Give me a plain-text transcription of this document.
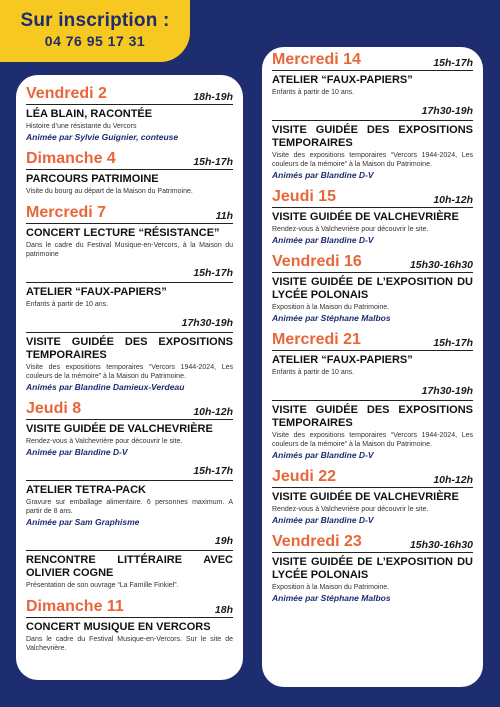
Sur inscription :
04 76 95 17 31
Vendredi 2	18h-19h
LÉA BLAIN, RACONTÉE
Histoire d’une résistante du Vercors
Animée par Sylvie Guignier, conteuse
Dimanche 4	15h-17h
PARCOURS PATRIMOINE
Visite du bourg au départ de la Maison du Patrimoine.
Mercredi 7	11h
CONCERT LECTURE “RÉSISTANCE”
Dans le cadre du Festival Musique-en-Vercors, à la Maison du patrimoine
15h-17h
ATELIER “FAUX-PAPIERS”
Enfants à partir de 10 ans.
17h30-19h
VISITE GUIDÉE DES EXPOSITIONS TEMPORAIRES
Visite des expositions temporaires “Vercors 1944-2024, Les couleurs de la mémoire” à la Maison du Patrimoine.
Animés par Blandine Damieux-Verdeau
Jeudi 8	10h-12h
VISITE GUIDÉE DE VALCHEVRIÈRE
Rendez-vous à Valchevrière pour découvrir le site.
Animée par Blandine D-V
15h-17h
ATELIER TETRA-PACK
Gravure sur emballage alimentaire. 6 personnes maximum. A partir de 8 ans.
Animée par Sam Graphisme
19h
RENCONTRE LITTÉRAIRE AVEC OLIVIER COGNE
Présentation de son ouvrage “La Famille Finkiel”.
Dimanche 11	18h
CONCERT MUSIQUE EN VERCORS
Dans le cadre du Festival Musique-en-Vercors. Sur le site de Valchevrière.
Mercredi 14	15h-17h
ATELIER “FAUX-PAPIERS”
Enfants à partir de 10 ans.
17h30-19h
VISITE GUIDÉE DES EXPOSITIONS TEMPORAIRES
Visite des expositions temporaires “Vercors 1944-2024, Les couleurs de la mémoire” à la Maison du Patrimoine.
Animés par Blandine D-V
Jeudi 15	10h-12h
VISITE GUIDÉE DE VALCHEVRIÈRE
Rendez-vous à Valchevrière pour découvrir le site.
Animée par Blandine D-V
Vendredi 16	15h30-16h30
VISITE GUIDÉE DE L’EXPOSITION DU LYCÉE POLONAIS
Exposition à la Maison du Patrimoine.
Animée par Stéphane Malbos
Mercredi 21	15h-17h
ATELIER “FAUX-PAPIERS”
Enfants à partir de 10 ans.
17h30-19h
VISITE GUIDÉE DES EXPOSITIONS TEMPORAIRES
Visite des expositions temporaires “Vercors 1944-2024, Les couleurs de la mémoire” à la Maison du Patrimoine.
Animés par Blandine D-V
Jeudi 22	10h-12h
VISITE GUIDÉE DE VALCHEVRIÈRE
Rendez-vous à Valchevrière pour découvrir le site.
Animée par Blandine D-V
Vendredi 23	15h30-16h30
VISITE GUIDÉE DE L’EXPOSITION DU LYCÉE POLONAIS
Exposition à la Maison du Patrimoine.
Animée par Stéphane Malbos
